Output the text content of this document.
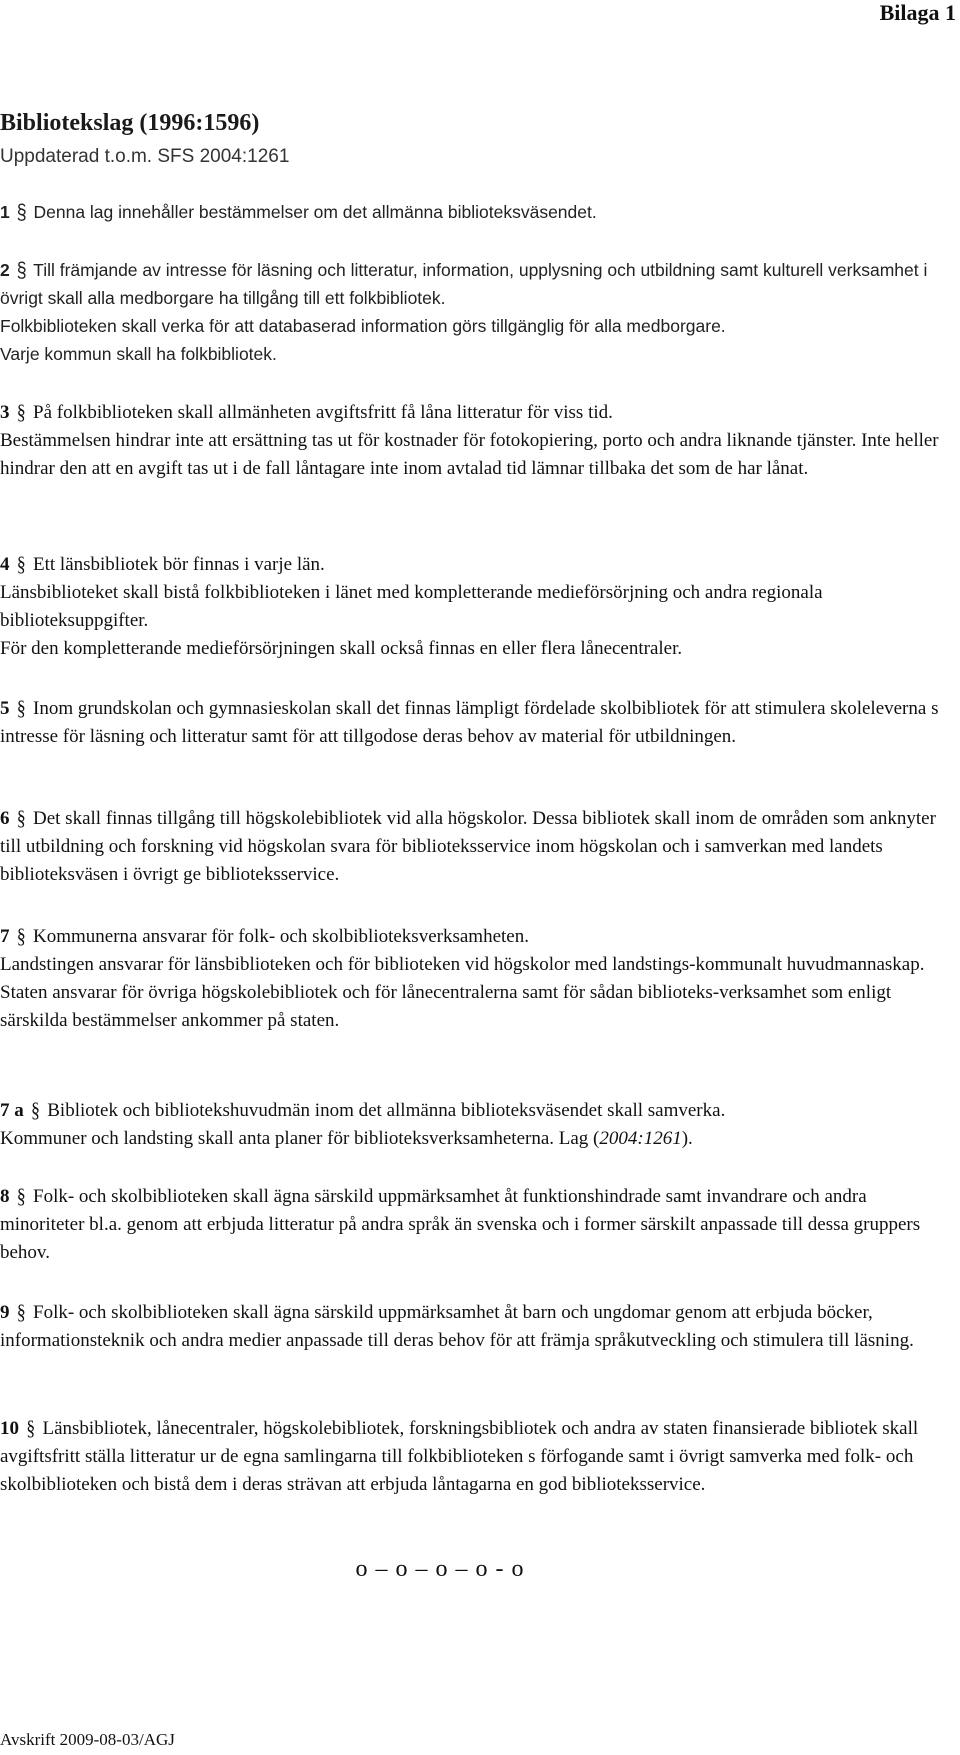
Bilaga 1
Bibliotekslag (1996:1596)
Uppdaterad t.o.m. SFS 2004:1261

1 § Denna lag innehåller bestämmelser om det allmänna biblioteksväsendet.

2 § Till främjande av intresse för läsning och litteratur, information, upplysning och utbildning samt kulturell verksamhet i övrigt skall alla medborgare ha tillgång till ett folkbibliotek.

Folkbiblioteken skall verka för att databaserad information görs tillgänglig för alla medborgare.

Varje kommun skall ha folkbibliotek.

3 § På folkbiblioteken skall allmänheten avgiftsfritt få låna litteratur för viss tid.

Bestämmelsen hindrar inte att ersättning tas ut för kostnader för fotokopiering, porto och andra liknande tjänster. Inte heller hindrar den att en avgift tas ut i de fall låntagare inte inom avtalad tid lämnar tillbaka det som de har lånat.

4 § Ett länsbibliotek bör finnas i varje län.

Länsbiblioteket skall bistå folkbiblioteken i länet med kompletterande medieförsörjning och andra regionala biblioteksuppgifter.

För den kompletterande medieförsörjningen skall också finnas en eller flera lånecentraler.

5 § Inom grundskolan och gymnasieskolan skall det finnas lämpligt fördelade skolbibliotek för att stimulera skoleleverna s intresse för läsning och litteratur samt för att tillgodose deras behov av material för utbildningen.

6 § Det skall finnas tillgång till högskolebibliotek vid alla högskolor. Dessa bibliotek skall inom de områden som anknyter till utbildning och forskning vid högskolan svara för biblioteksservice inom högskolan och i samverkan med landets biblioteksväsen i övrigt ge biblioteksservice.

7 § Kommunerna ansvarar för folk- och skolbiblioteksverksamheten.

Landstingen ansvarar för länsbiblioteken och för biblioteken vid högskolor med landstings-kommunalt huvudmannaskap.

Staten ansvarar för övriga högskolebibliotek och för lånecentralerna samt för sådan biblioteks-verksamhet som enligt särskilda bestämmelser ankommer på staten.

7 a § Bibliotek och bibliotekshuvudmän inom det allmänna biblioteksväsendet skall samverka.

Kommuner och landsting skall anta planer för biblioteksverksamheterna. Lag (2004:1261).

8 § Folk- och skolbiblioteken skall ägna särskild uppmärksamhet åt funktionshindrade samt invandrare och andra minoriteter bl.a. genom att erbjuda litteratur på andra språk än svenska och i former särskilt anpassade till dessa gruppers behov.

9 § Folk- och skolbiblioteken skall ägna särskild uppmärksamhet åt barn och ungdomar genom att erbjuda böcker, informationsteknik och andra medier anpassade till deras behov för att främja språkutveckling och stimulera till läsning.

10 § Länsbibliotek, lånecentraler, högskolebibliotek, forskningsbibliotek och andra av staten finansierade bibliotek skall avgiftsfritt ställa litteratur ur de egna samlingarna till folkbiblioteken s förfogande samt i övrigt samverka med folk- och skolbiblioteken och bistå dem i deras strävan att erbjuda låntagarna en god biblioteksservice.

o – o – o – o - o
Avskrift 2009-08-03/AGJ
